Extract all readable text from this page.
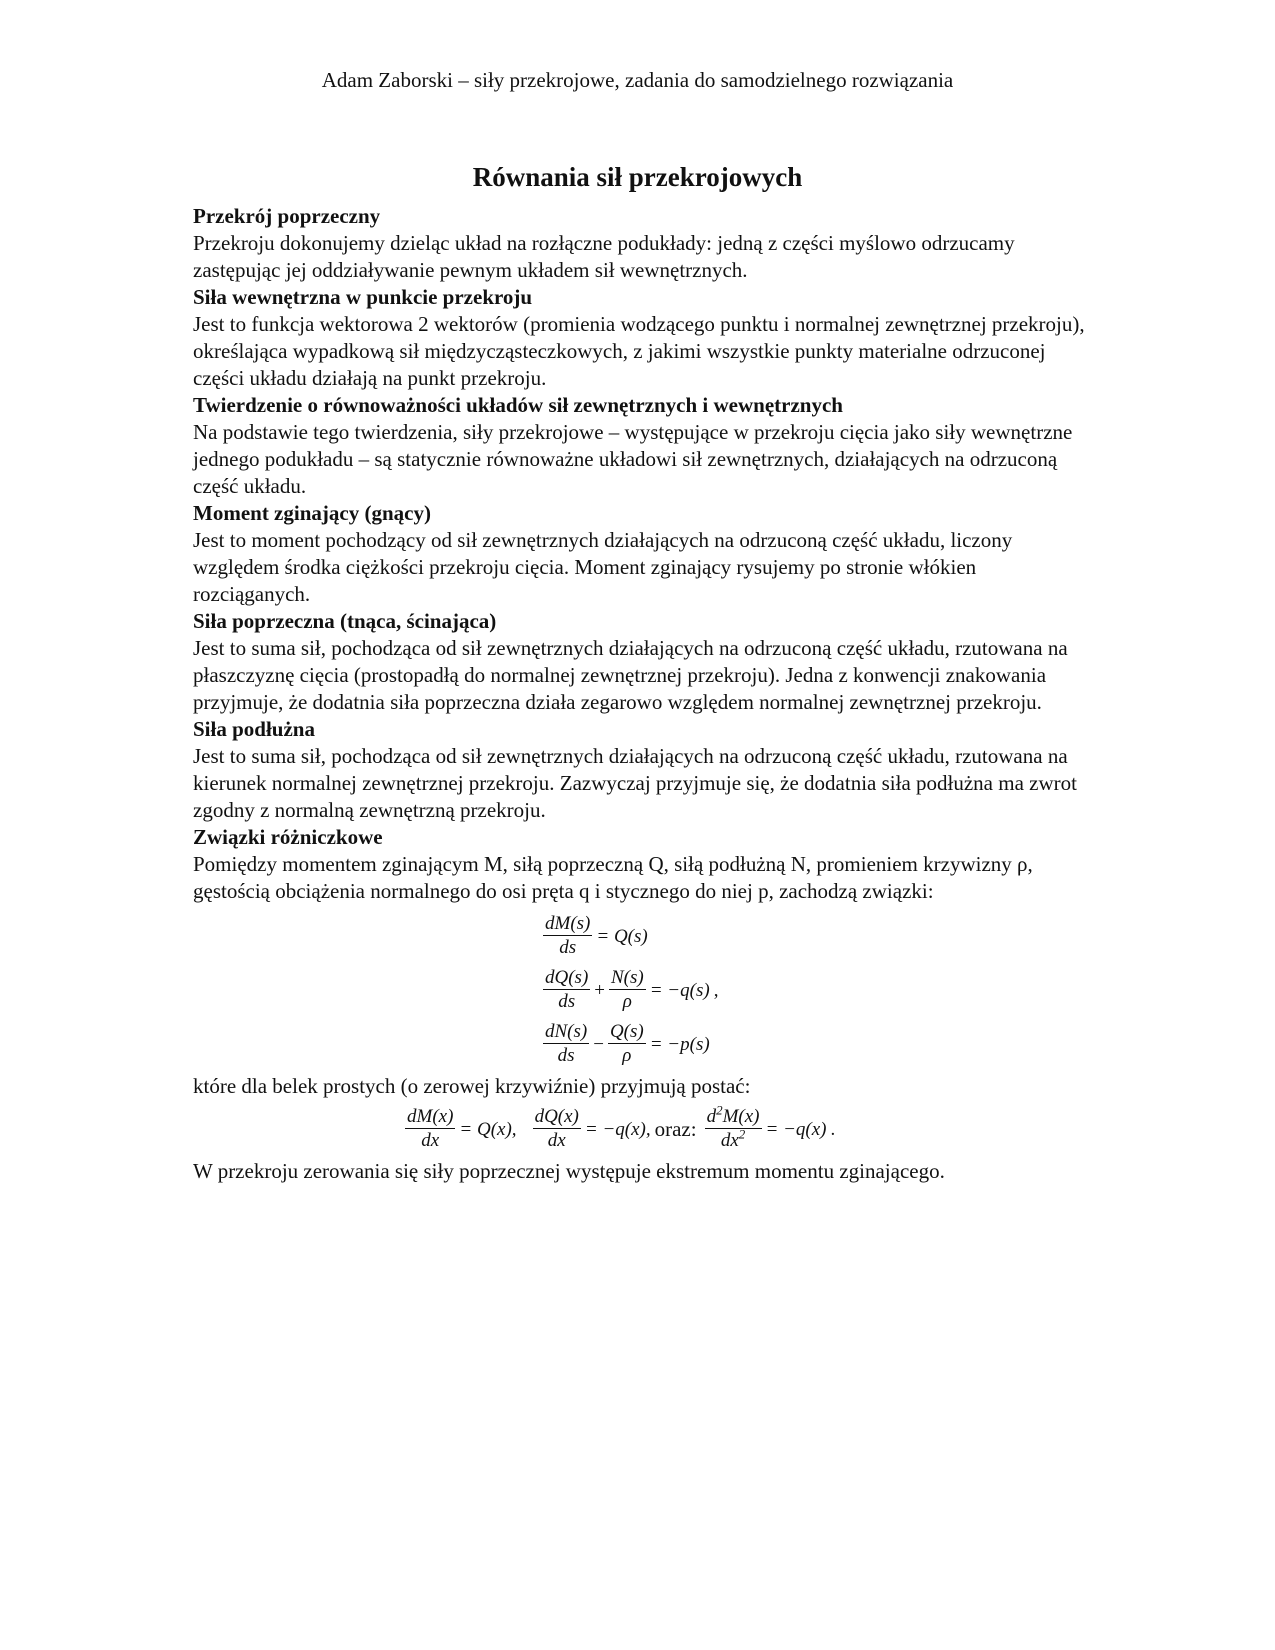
Adam Zaborski – siły przekrojowe, zadania do samodzielnego rozwiązania
Równania sił przekrojowych
Przekrój poprzeczny

Przekroju dokonujemy dzieląc układ na rozłączne podukłady: jedną z części myślowo odrzucamy zastępując jej oddziaływanie pewnym układem sił wewnętrznych.

Siła wewnętrzna w punkcie przekroju

Jest to funkcja wektorowa 2 wektorów (promienia wodzącego punktu i normalnej zewnętrznej przekroju), określająca wypadkową sił międzycząsteczkowych, z jakimi wszystkie punkty materialne odrzuconej części układu działają na punkt przekroju.

Twierdzenie o równoważności układów sił zewnętrznych i wewnętrznych

Na podstawie tego twierdzenia, siły przekrojowe – występujące w przekroju cięcia jako siły wewnętrzne jednego podukładu – są statycznie równoważne układowi sił zewnętrznych, działających na odrzuconą część układu.

Moment zginający (gnący)

Jest to moment pochodzący od sił zewnętrznych działających na odrzuconą część układu, liczony względem środka ciężkości przekroju cięcia. Moment zginający rysujemy po stronie włókien rozciąganych.

Siła poprzeczna (tnąca, ścinająca)

Jest to suma sił, pochodząca od sił zewnętrznych działających na odrzuconą część układu, rzutowana na płaszczyznę cięcia (prostopadłą do normalnej zewnętrznej przekroju). Jedna z konwencji znakowania przyjmuje, że dodatnia siła poprzeczna działa zegarowo względem normalnej zewnętrznej przekroju.

Siła podłużna

Jest to suma sił, pochodząca od sił zewnętrznych działających na odrzuconą część układu, rzutowana na kierunek normalnej zewnętrznej przekroju. Zazwyczaj przyjmuje się, że dodatnia siła podłużna ma zwrot zgodny z normalną zewnętrzną przekroju.

Związki różniczkowe

Pomiędzy momentem zginającym M, siłą poprzeczną Q, siłą podłużną N, promieniem krzywizny ρ, gęstością obciążenia normalnego do osi pręta q i stycznego do niej p, zachodzą związki:

$\frac{dM(s)}{ds} = Q(s)$
$\frac{dQ(s)}{ds} + \frac{N(s)}{\rho} = -q(s)$ ,
$\frac{dN(s)}{ds} - \frac{Q(s)}{\rho} = -p(s)$

które dla belek prostych (o zerowej krzywiźnie) przyjmują postać:

$\frac{dM(x)}{dx} = Q(x)$, $\frac{dQ(x)}{dx} = -q(x)$, oraz: $\frac{d^2M(x)}{dx^2} = -q(x)$ .

W przekroju zerowania się siły poprzecznej występuje ekstremum momentu zginającego.
